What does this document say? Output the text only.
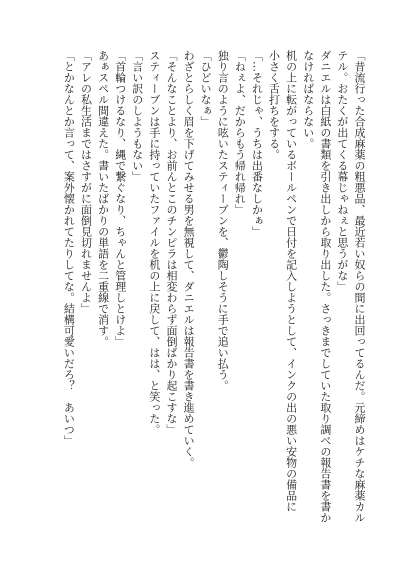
「昔流行った合成麻薬の粗悪品、最近若い奴らの間に出回ってるんだ。元締めはケチな麻薬カル

テル。おたくが出てくる幕じゃねぇと思うがな」

ダニエルは白紙の書類を引き出しから取り出した。さっきまでしていた取り調べの報告書を書か

なければならない。

机の上に転がっているボールペンで日付を記入しようとして、インクの出の悪い安物の備品に

小さく舌打ちをする。

「…それじゃ、うちは出番なしかぁ」

「ねぇよ、だからもう帰れ帰れ」

独り言のように呟いたスティーブンを、鬱陶しそうに手で追い払う。

「ひどいなぁ」

わざとらしく眉を下げてみせる男を無視して、ダニエルは報告書を書き進めていく。

「そんなことより、お前んとこのチンピラは相変わらず面倒ばかり起こすな」

スティーブンは手に持っていたファイルを机の上に戻して、はは、と笑った。

「言い訳のしようもない」

「首輪つけるなり、縄で繋ぐなり、ちゃんと管理しとけよ」

あぁスペル間違えた。書いたばかりの単語を二重線で消す。

「アレの私生活まではさすがに面倒見切れませんよ」

「とかなんとか言って、案外懐かれてたりしてな。結構可愛いだろ？　あいつ」
